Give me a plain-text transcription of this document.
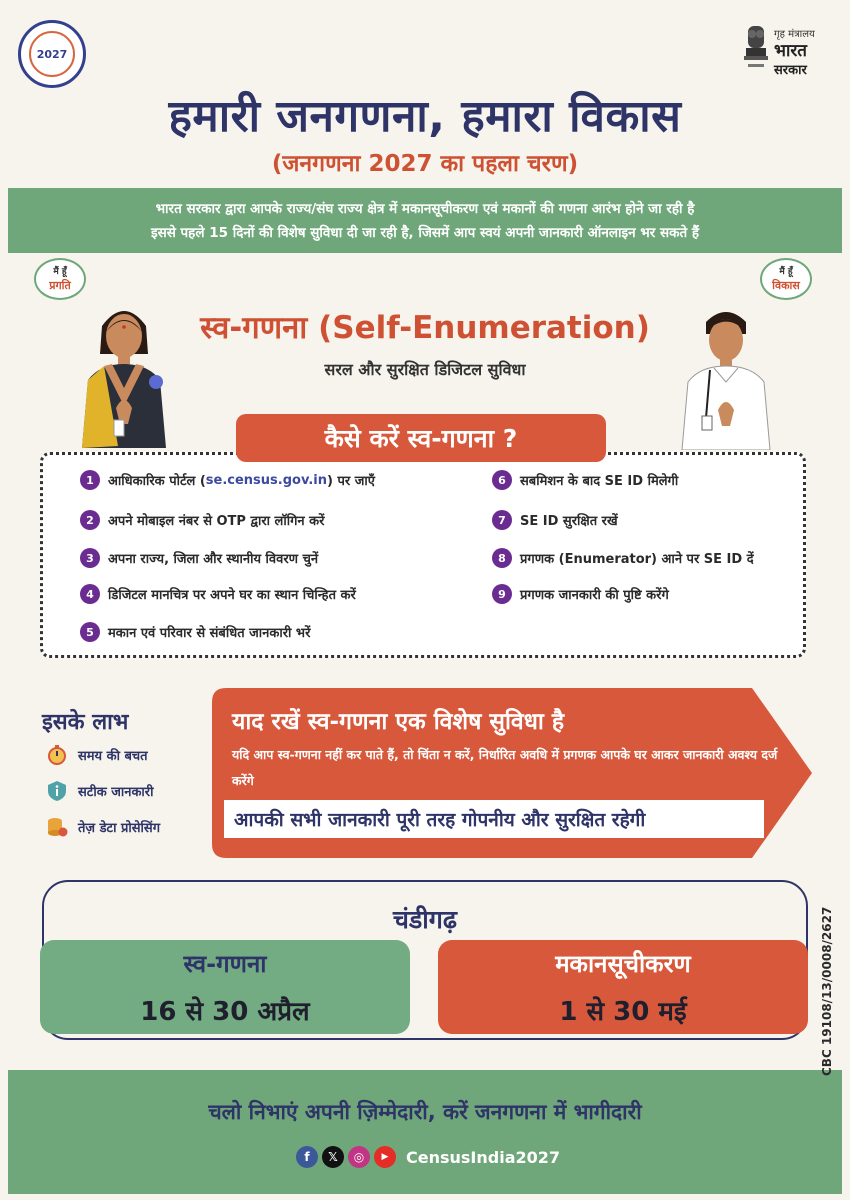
2027
गृह मंत्रालय
भारत
सरकार
हमारी जनगणना, हमारा विकास
(जनगणना 2027 का पहला चरण)
भारत सरकार द्वारा आपके राज्य/संघ राज्य क्षेत्र में मकानसूचीकरण एवं मकानों की गणना आरंभ होने जा रही है
इससे पहले 15 दिनों की विशेष सुविधा दी जा रही है, जिसमें आप स्वयं अपनी जानकारी ऑनलाइन भर सकते हैं
मैं हूँ
प्रगति
मैं हूँ
विकास
स्व-गणना (Self-Enumeration)
सरल और सुरक्षित डिजिटल सुविधा
कैसे करें स्व-गणना ?
1	आधिकारिक पोर्टल ( se.census.gov.in ) पर जाएँ
2	अपने मोबाइल नंबर से OTP द्वारा लॉगिन करें
3	अपना राज्य, जिला और स्थानीय विवरण चुनें
4	डिजिटल मानचित्र पर अपने घर का स्थान चिन्हित करें
5	मकान एवं परिवार से संबंधित जानकारी भरें
6	सबमिशन के बाद SE ID मिलेगी
7	SE ID सुरक्षित रखें
8	प्रगणक (Enumerator) आने पर SE ID दें
9	प्रगणक जानकारी की पुष्टि करेंगे
इसके लाभ
समय की बचत
सटीक जानकारी
तेज़ डेटा प्रोसेसिंग
याद रखें स्व-गणना एक विशेष सुविधा है
यदि आप स्व-गणना नहीं कर पाते हैं, तो चिंता न करें, निर्धारित अवधि में प्रगणक आपके घर आकर जानकारी अवश्य दर्ज करेंगे
आपकी सभी जानकारी पूरी तरह गोपनीय और सुरक्षित रहेगी
चंडीगढ़
स्व-गणना
16 से 30 अप्रैल
मकानसूचीकरण
1 से 30 मई	CBC 19108/13/0008/2627
चलो निभाएं अपनी ज़िम्मेदारी, करें जनगणना में भागीदारी
f	𝕏	◎	▶	CensusIndia2027
